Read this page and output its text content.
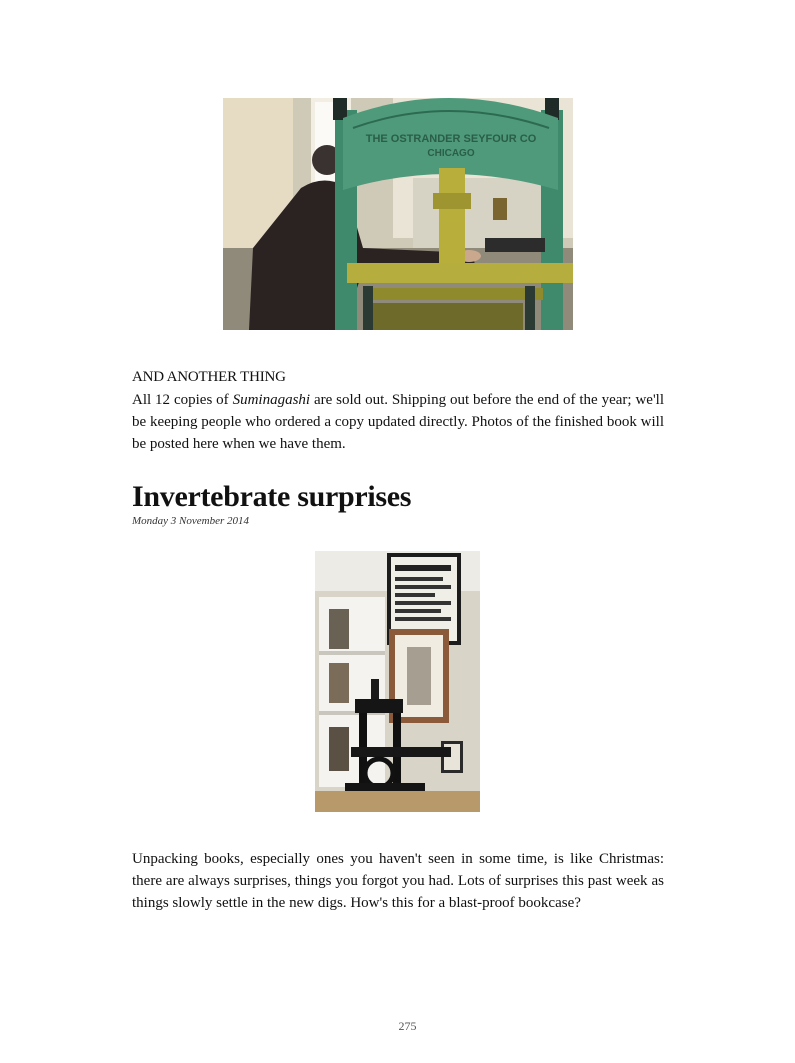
THE OSTRANDER SEYFOUR CO
CHICAGO
AND ANOTHER THING
All 12 copies of Suminagashi are sold out. Shipping out before the end of the year; we'll be keeping people who ordered a copy updated directly. Photos of the finished book will be posted here when we have them.
Invertebrate surprises
Monday 3 November 2014
Unpacking books, especially ones you haven't seen in some time, is like Christmas: there are always surprises, things you forgot you had. Lots of surprises this past week as things slowly settle in the new digs. How's this for a blast-proof bookcase?
275
